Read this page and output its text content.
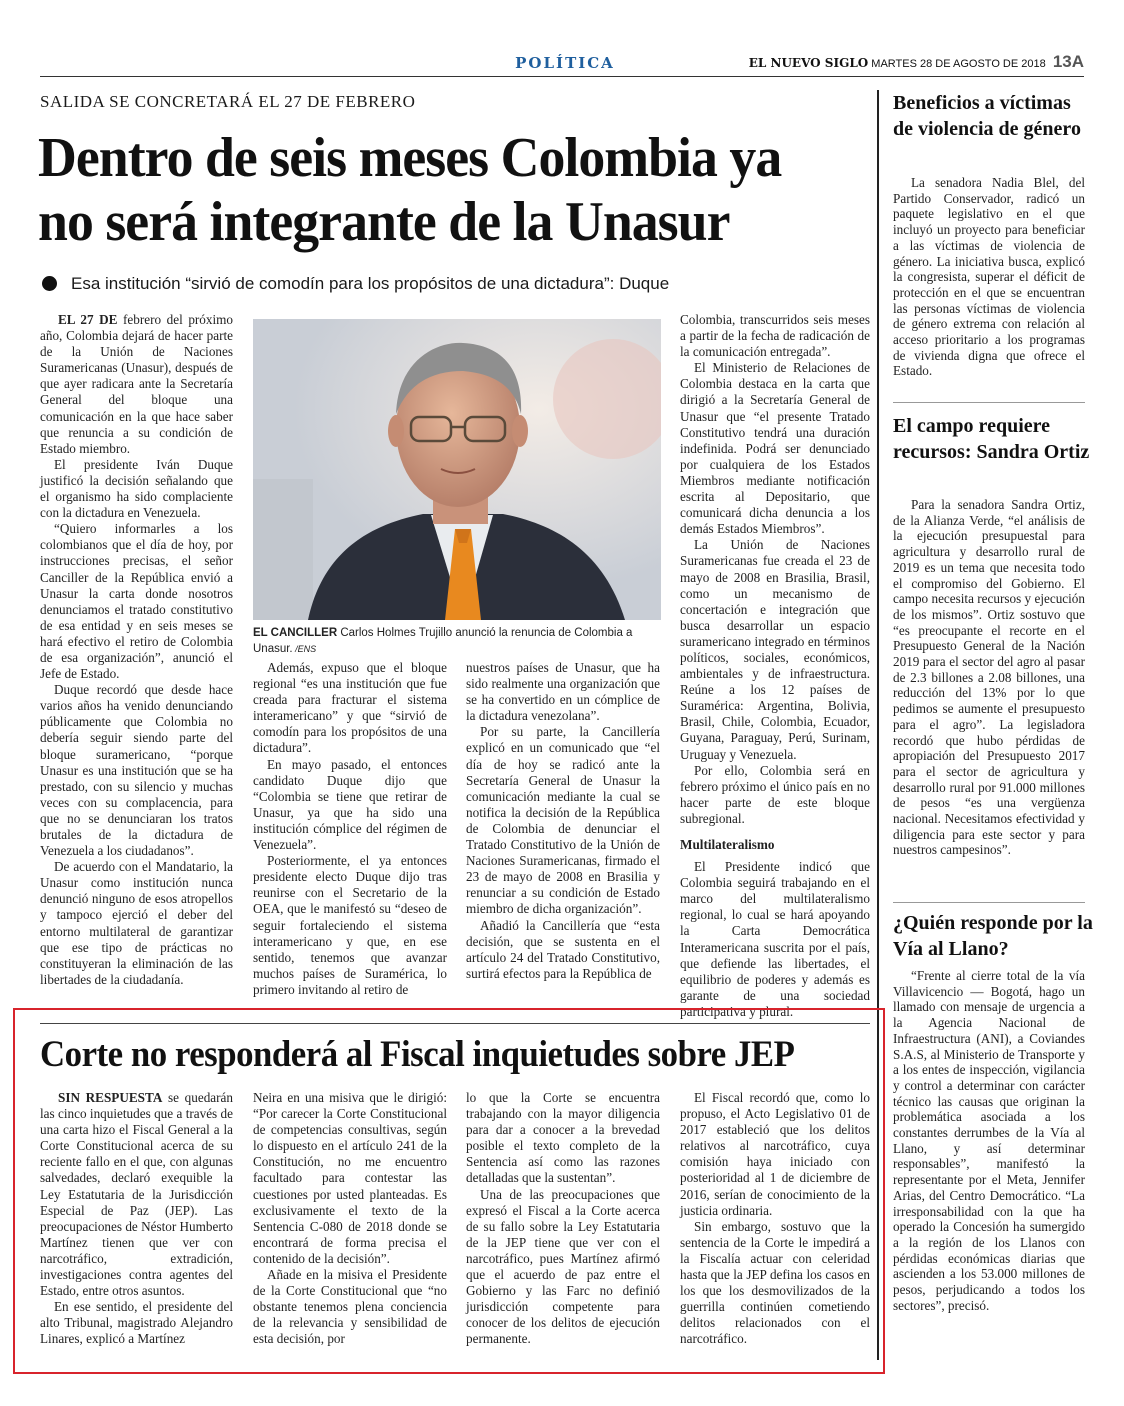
POLÍTICA	EL NUEVO SIGLO MARTES 28 DE AGOSTO DE 2018 13A
SALIDA SE CONCRETARÁ EL 27 DE FEBRERO
Dentro de seis meses Colombia ya no será integrante de la Unasur
Esa institución “sirvió de comodín para los propósitos de una dictadura”: Duque

EL 27 DE febrero del próximo año, Colombia dejará de hacer parte de la Unión de Naciones Suramericanas (Unasur), después de que ayer radicara ante la Secretaría General del bloque una comunicación en la que hace saber que renuncia a su condición de Estado miembro.

El presidente Iván Duque justificó la decisión señalando que el organismo ha sido complaciente con la dictadura en Venezuela.

“Quiero informarles a los colombianos que el día de hoy, por instrucciones precisas, el señor Canciller de la República envió a Unasur la carta donde nosotros denunciamos el tratado constitutivo de esa entidad y en seis meses se hará efectivo el retiro de Colombia de esa organización”, anunció el Jefe de Estado.

Duque recordó que desde hace varios años ha venido denunciando públicamente que Colombia no debería seguir siendo parte del bloque suramericano, “porque Unasur es una institución que se ha prestado, con su silencio y muchas veces con su complacencia, para que no se denunciaran los tratos brutales de la dictadura de Venezuela a los ciudadanos”.

De acuerdo con el Mandatario, la Unasur como institución nunca denunció ninguno de esos atropellos y tampoco ejerció el deber del entorno multilateral de garantizar que ese tipo de prácticas no constituyeran la eliminación de las libertades de la ciudadanía.

EL CANCILLER Carlos Holmes Trujillo anunció la renuncia de Colombia a Unasur. /ENS

Además, expuso que el bloque regional “es una institución que fue creada para fracturar el sistema interamericano” y que “sirvió de comodín para los propósitos de una dictadura”.

En mayo pasado, el entonces candidato Duque dijo que “Colombia se tiene que retirar de Unasur, ya que ha sido una institución cómplice del régimen de Venezuela”.

Posteriormente, el ya entonces presidente electo Duque dijo tras reunirse con el Secretario de la OEA, que le manifestó su “deseo de seguir fortaleciendo el sistema interamericano y que, en ese sentido, tenemos que avanzar muchos países de Suramérica, lo primero invitando al retiro de

nuestros países de Unasur, que ha sido realmente una organización que se ha convertido en un cómplice de la dictadura venezolana”.

Por su parte, la Cancillería explicó en un comunicado que “el día de hoy se radicó ante la Secretaría General de Unasur la comunicación mediante la cual se notifica la decisión de la República de Colombia de denunciar el Tratado Constitutivo de la Unión de Naciones Suramericanas, firmado el 23 de mayo de 2008 en Brasilia y renunciar a su condición de Estado miembro de dicha organización”.

Añadió la Cancillería que “esta decisión, que se sustenta en el artículo 24 del Tratado Constitutivo, surtirá efectos para la República de

Colombia, transcurridos seis meses a partir de la fecha de radicación de la comunicación entregada”.

El Ministerio de Relaciones de Colombia destaca en la carta que dirigió a la Secretaría General de Unasur que “el presente Tratado Constitutivo tendrá una duración indefinida. Podrá ser denunciado por cualquiera de los Estados Miembros mediante notificación escrita al Depositario, que comunicará dicha denuncia a los demás Estados Miembros”.

La Unión de Naciones Suramericanas fue creada el 23 de mayo de 2008 en Brasilia, Brasil, como un mecanismo de concertación e integración que busca desarrollar un espacio suramericano integrado en términos políticos, sociales, económicos, ambientales y de infraestructura. Reúne a los 12 países de Suramérica: Argentina, Bolivia, Brasil, Chile, Colombia, Ecuador, Guyana, Paraguay, Perú, Surinam, Uruguay y Venezuela.

Por ello, Colombia será en febrero próximo el único país en no hacer parte de este bloque subregional.

Multilateralismo

El Presidente indicó que Colombia seguirá trabajando en el marco del multilateralismo regional, lo cual se hará apoyando la Carta Democrática Interamericana suscrita por el país, que defiende las libertades, el equilibrio de poderes y además es garante de una sociedad participativa y plural.

Beneficios a víctimas de violencia de género
La senadora Nadia Blel, del Partido Conservador, radicó un paquete legislativo en el que incluyó un proyecto para beneficiar a las víctimas de violencia de género. La iniciativa busca, explicó la congresista, superar el déficit de protección en el que se encuentran las personas víctimas de violencia de género extrema con relación al acceso prioritario a los programas de vivienda digna que ofrece el Estado.
El campo requiere recursos: Sandra Ortiz
Para la senadora Sandra Ortiz, de la Alianza Verde, “el análisis de la ejecución presupuestal para agricultura y desarrollo rural de 2019 es un tema que necesita todo el compromiso del Gobierno. El campo necesita recursos y ejecución de los mismos”. Ortiz sostuvo que “es preocupante el recorte en el Presupuesto General de la Nación 2019 para el sector del agro al pasar de 2.3 billones a 2.08 billones, una reducción del 13% por lo que pedimos se aumente el presupuesto para el agro”. La legisladora recordó que hubo pérdidas de apropiación del Presupuesto 2017 para el sector de agricultura y desarrollo rural por 91.000 millones de pesos “es una vergüenza nacional. Necesitamos efectividad y diligencia para este sector y para nuestros campesinos”.
¿Quién responde por la Vía al Llano?
“Frente al cierre total de la vía Villavicencio — Bogotá, hago un llamado con mensaje de urgencia a la Agencia Nacional de Infraestructura (ANI), a Coviandes S.A.S, al Ministerio de Transporte y a los entes de inspección, vigilancia y control a determinar con carácter técnico las causas que originan la problemática asociada a los constantes derrumbes de la Vía al Llano, y así determinar responsables”, manifestó la representante por el Meta, Jennifer Arias, del Centro Democrático. “La irresponsabilidad con la que ha operado la Concesión ha sumergido a la región de los Llanos con pérdidas económicas diarias que ascienden a los 53.000 millones de pesos, perjudicando a todos los sectores”, precisó.
Corte no responderá al Fiscal inquietudes sobre JEP

SIN RESPUESTA se quedarán las cinco inquietudes que a través de una carta hizo el Fiscal General a la Corte Constitucional acerca de su reciente fallo en el que, con algunas salvedades, declaró exequible la Ley Estatutaria de la Jurisdicción Especial de Paz (JEP). Las preocupaciones de Néstor Humberto Martínez tienen que ver con narcotráfico, extradición, investigaciones contra agentes del Estado, entre otros asuntos.

En ese sentido, el presidente del alto Tribunal, magistrado Alejandro Linares, explicó a Martínez

Neira en una misiva que le dirigió: “Por carecer la Corte Constitucional de competencias consultivas, según lo dispuesto en el artículo 241 de la Constitución, no me encuentro facultado para contestar las cuestiones por usted planteadas. Es exclusivamente el texto de la Sentencia C-080 de 2018 donde se encontrará de forma precisa el contenido de la decisión”.

Añade en la misiva el Presidente de la Corte Constitucional que “no obstante tenemos plena conciencia de la relevancia y sensibilidad de esta decisión, por

lo que la Corte se encuentra trabajando con la mayor diligencia para dar a conocer a la brevedad posible el texto completo de la Sentencia así como las razones detalladas que la sustentan”.

Una de las preocupaciones que expresó el Fiscal a la Corte acerca de su fallo sobre la Ley Estatutaria de la JEP tiene que ver con el narcotráfico, pues Martínez afirmó que el acuerdo de paz entre el Gobierno y las Farc no definió jurisdicción competente para conocer de los delitos de ejecución permanente.

El Fiscal recordó que, como lo propuso, el Acto Legislativo 01 de 2017 estableció que los delitos relativos al narcotráfico, cuya comisión haya iniciado con posterioridad al 1 de diciembre de 2016, serían de conocimiento de la justicia ordinaria.

Sin embargo, sostuvo que la sentencia de la Corte le impedirá a la Fiscalía actuar con celeridad hasta que la JEP defina los casos en los que los desmovilizados de la guerrilla continúen cometiendo delitos relacionados con el narcotráfico.
